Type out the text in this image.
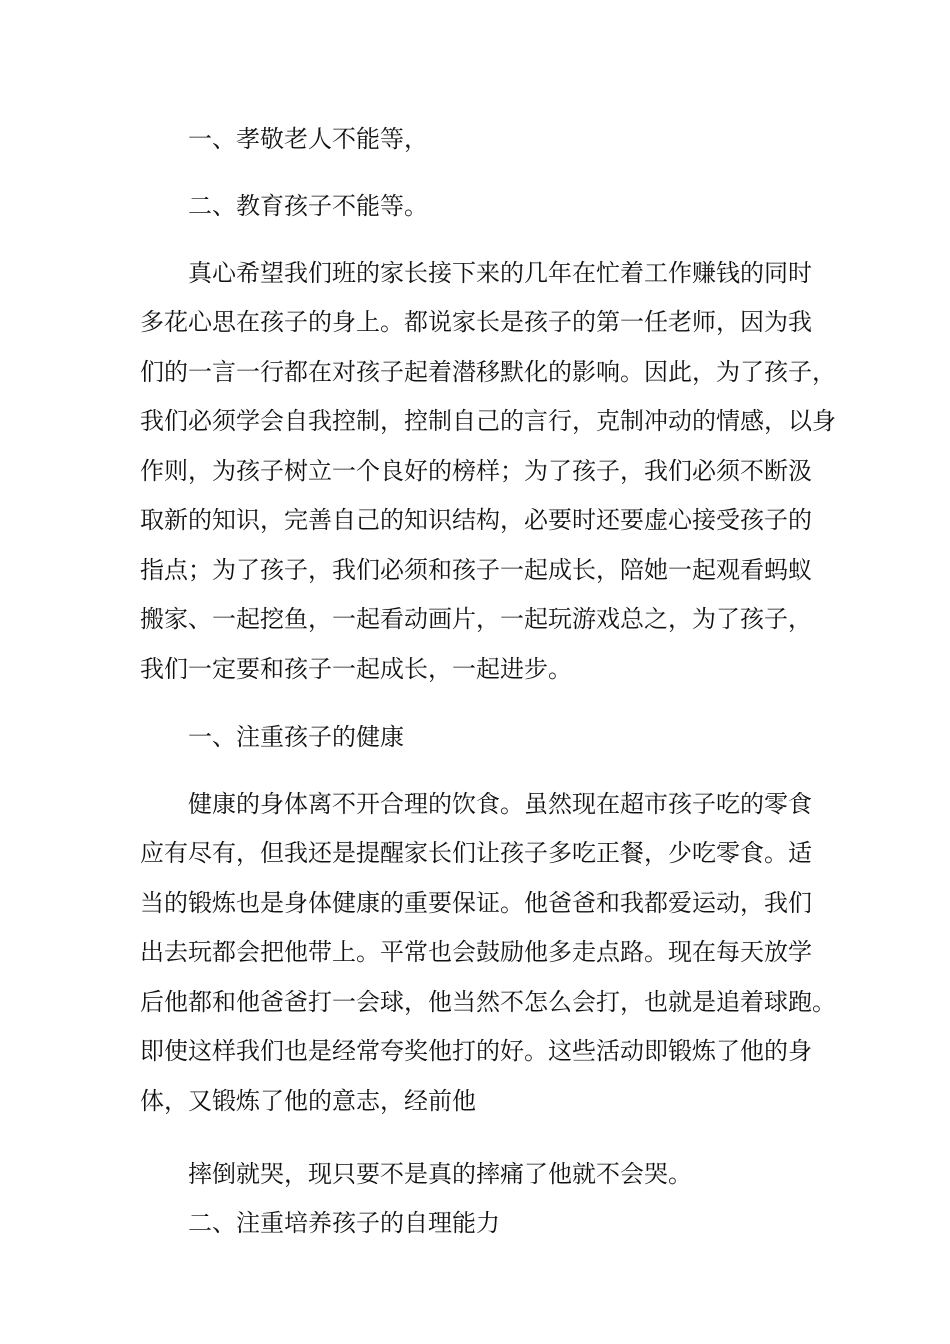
一、孝敬老人不能等，

二、教育孩子不能等。

真心希望我们班的家长接下来的几年在忙着工作赚钱的同时

多花心思在孩子的身上。都说家长是孩子的第一任老师，因为我

们的一言一行都在对孩子起着潜移默化的影响。因此，为了孩子，

我们必须学会自我控制，控制自己的言行，克制冲动的情感，以身

作则，为孩子树立一个良好的榜样；为了孩子，我们必须不断汲

取新的知识，完善自己的知识结构，必要时还要虚心接受孩子的

指点；为了孩子，我们必须和孩子一起成长，陪她一起观看蚂蚁

搬家、一起挖鱼，一起看动画片，一起玩游戏总之，为了孩子，

我们一定要和孩子一起成长，一起进步。

一、注重孩子的健康

健康的身体离不开合理的饮食。虽然现在超市孩子吃的零食

应有尽有，但我还是提醒家长们让孩子多吃正餐，少吃零食。适

当的锻炼也是身体健康的重要保证。他爸爸和我都爱运动，我们

出去玩都会把他带上。平常也会鼓励他多走点路。现在每天放学

后他都和他爸爸打一会球，他当然不怎么会打，也就是追着球跑。

即使这样我们也是经常夸奖他打的好。这些活动即锻炼了他的身

体，又锻炼了他的意志，经前他

摔倒就哭，现只要不是真的摔痛了他就不会哭。

二、注重培养孩子的自理能力
